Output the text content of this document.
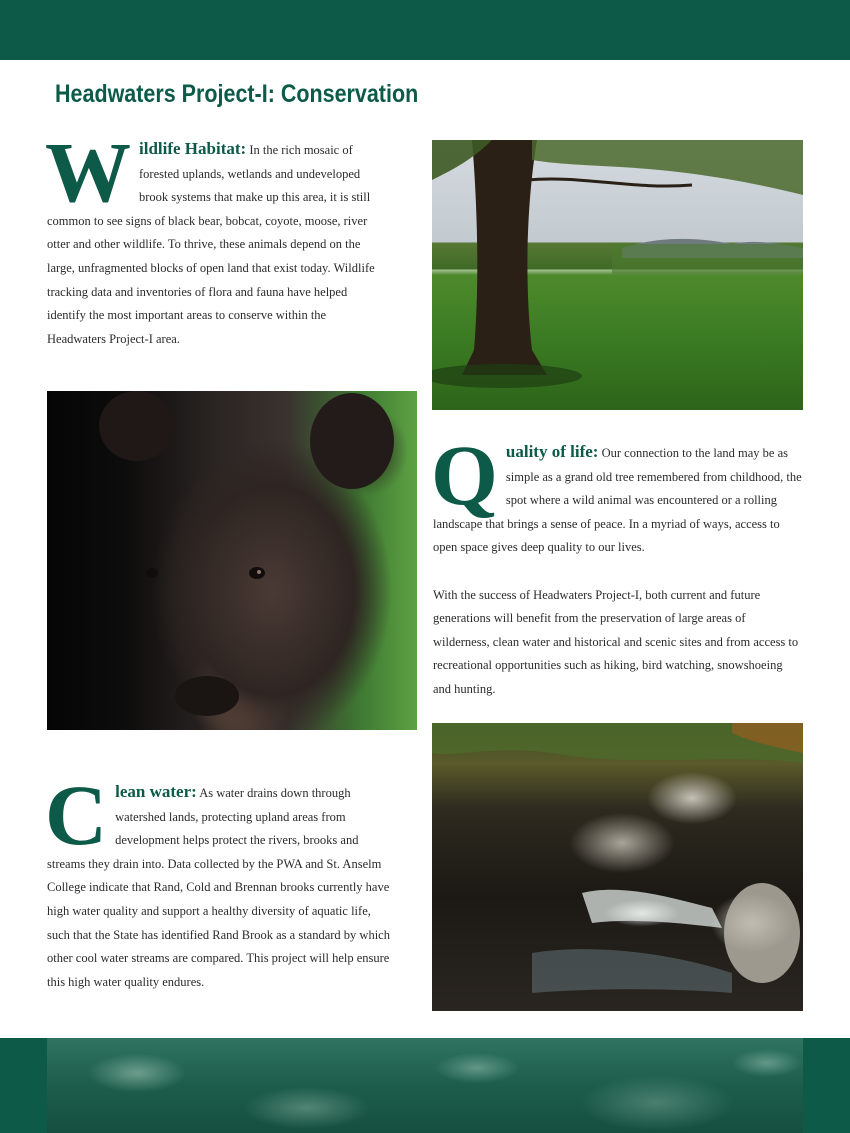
Headwaters Project-I: Conservation

Wildlife Habitat: In the rich mosaic of forested uplands, wetlands and undeveloped brook systems that make up this area, it is still common to see signs of black bear, bobcat, coyote, moose, river otter and other wildlife. To thrive, these animals depend on the large, unfragmented blocks of open land that exist today. Wildlife tracking data and inventories of flora and fauna have helped identify the most important areas to conserve within the Headwaters Project-I area.

Quality of life: Our connection to the land may be as simple as a grand old tree remembered from childhood, the spot where a wild animal was encountered or a rolling landscape that brings a sense of peace. In a myriad of ways, access to open space gives deep quality to our lives.

With the success of Headwaters Project-I, both current and future generations will benefit from the preservation of large areas of wilderness, clean water and historical and scenic sites and from access to recreational opportunities such as hiking, bird watching, snowshoeing and hunting.

Clean water: As water drains down through watershed lands, protecting upland areas from development helps protect the rivers, brooks and streams they drain into. Data collected by the PWA and St. Anselm College indicate that Rand, Cold and Brennan brooks currently have high water quality and support a healthy diversity of aquatic life, such that the State has identified Rand Brook as a standard by which other cool water streams are compared. This project will help ensure this high water quality endures.
